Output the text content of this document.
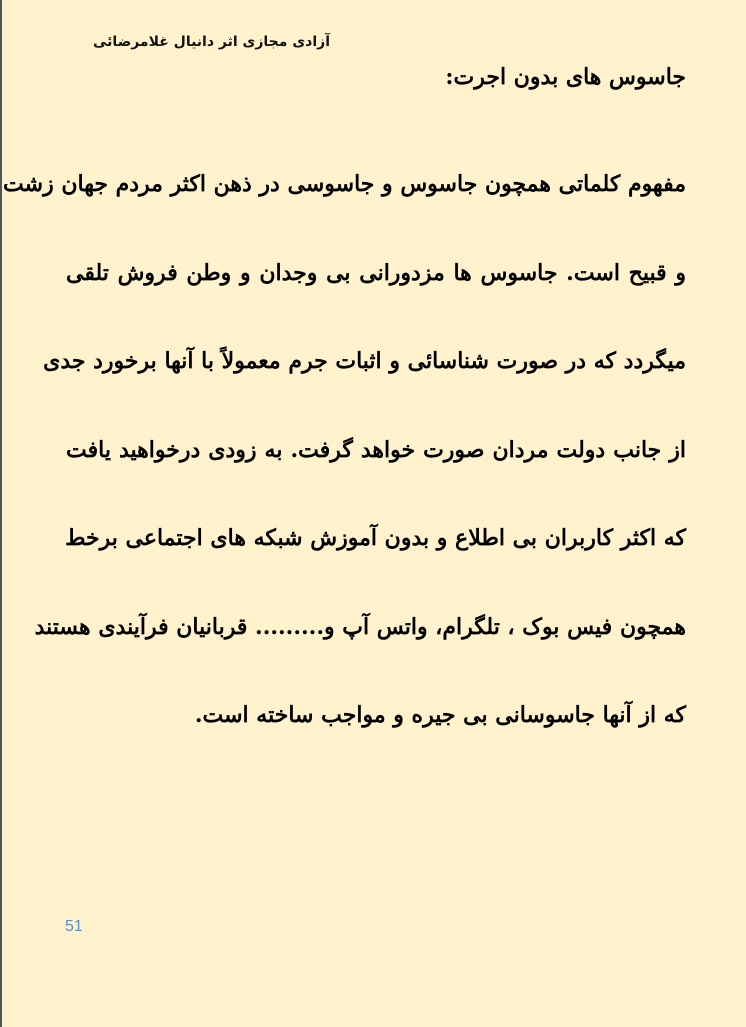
آزادی مجازی اثر دانیال غلامرضائی
جاسوس های بدون اجرت:
مفهوم کلماتی همچون جاسوس و جاسوسی در ذهن اکثر مردم جهان زشت
و قبیح است. جاسوس ها مزدورانی بی وجدان و وطن فروش تلقی
میگردد که در صورت شناسائی و اثبات جرم معمولاً با آنها برخورد جدی
از جانب دولت مردان صورت خواهد گرفت. به زودی درخواهید یافت
که اکثر کاربران بی اطلاع و بدون آموزش شبکه های اجتماعی برخط
همچون فیس بوک ، تلگرام، واتس آپ و......... قربانیان فرآیندی هستند
که از آنها جاسوسانی بی جیره و مواجب ساخته است.
51
